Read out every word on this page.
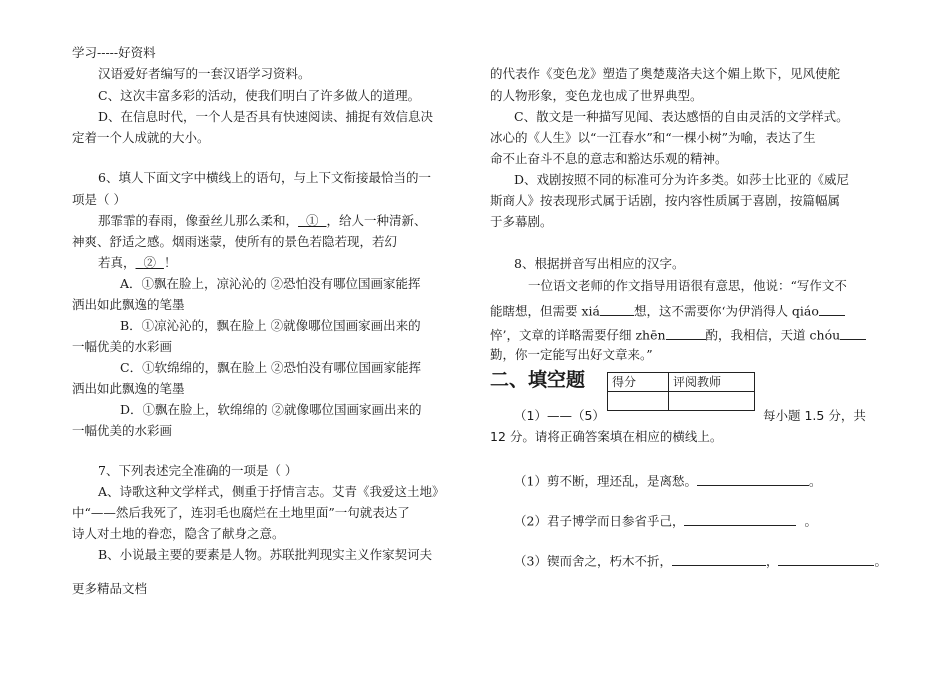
学习-----好资料
更多精品文档
汉语爱好者编写的一套汉语学习资料。
C、这次丰富多彩的活动，使我们明白了许多做人的道理。
D、在信息时代，一个人是否具有快速阅读、捕捉有效信息决
定着一个人成就的大小。
6、填人下面文字中横线上的语句，与上下文衔接最恰当的一
项是（ ）
那霏霏的春雨，像蚕丝儿那么柔和， ① ，给人一种清新、
神爽、舒适之感。烟雨迷蒙，使所有的景色若隐若现，若幻
若真， ② ！
A．①飘在脸上，凉沁沁的 ②恐怕没有哪位国画家能挥
洒出如此飘逸的笔墨
B．①凉沁沁的，飘在脸上 ②就像哪位国画家画出来的
一幅优美的水彩画
C．①软绵绵的，飘在脸上 ②恐怕没有哪位国画家能挥
洒出如此飘逸的笔墨
D．①飘在脸上，软绵绵的 ②就像哪位国画家画出来的
一幅优美的水彩画
7、下列表述完全准确的一项是（ ）
A、诗歌这种文学样式，侧重于抒情言志。艾青《我爱这土地》
中“——然后我死了，连羽毛也腐烂在土地里面”一句就表达了
诗人对土地的眷恋，隐含了献身之意。
B、小说最主要的要素是人物。苏联批判现实主义作家契诃夫
的代表作《变色龙》塑造了奥楚蔑洛夫这个媚上欺下，见风使舵
的人物形象，变色龙也成了世界典型。
C、散文是一种描写见闻、表达感悟的自由灵活的文学样式。
冰心的《人生》以“一江春水”和“一棵小树”为喻，表达了生
命不止奋斗不息的意志和豁达乐观的精神。
D、戏剧按照不同的标准可分为许多类。如莎士比亚的《威尼
斯商人》按表现形式属于话剧，按内容性质属于喜剧，按篇幅属
于多幕剧。
8、根据拼音写出相应的汉字。
一位语文老师的作文指导用语很有意思，他说：“写作文不
能瞎想，但需要 xiá	想，这不需要你‘为伊消得人 qiáo
悴’，文章的详略需要仔细 zhēn	酌，我相信，天道 chóu
勤，你一定能写出好文章来。”
二、填空题 得分	评阅教师

（1）——（5）	每小题 1.5 分，共
12 分。请将正确答案填在相应的横线上。
（1）剪不断，理还乱，是离愁。	。
（2）君子博学而日参省乎己，	。
（3）锲而舍之，朽木不折，	，	。
